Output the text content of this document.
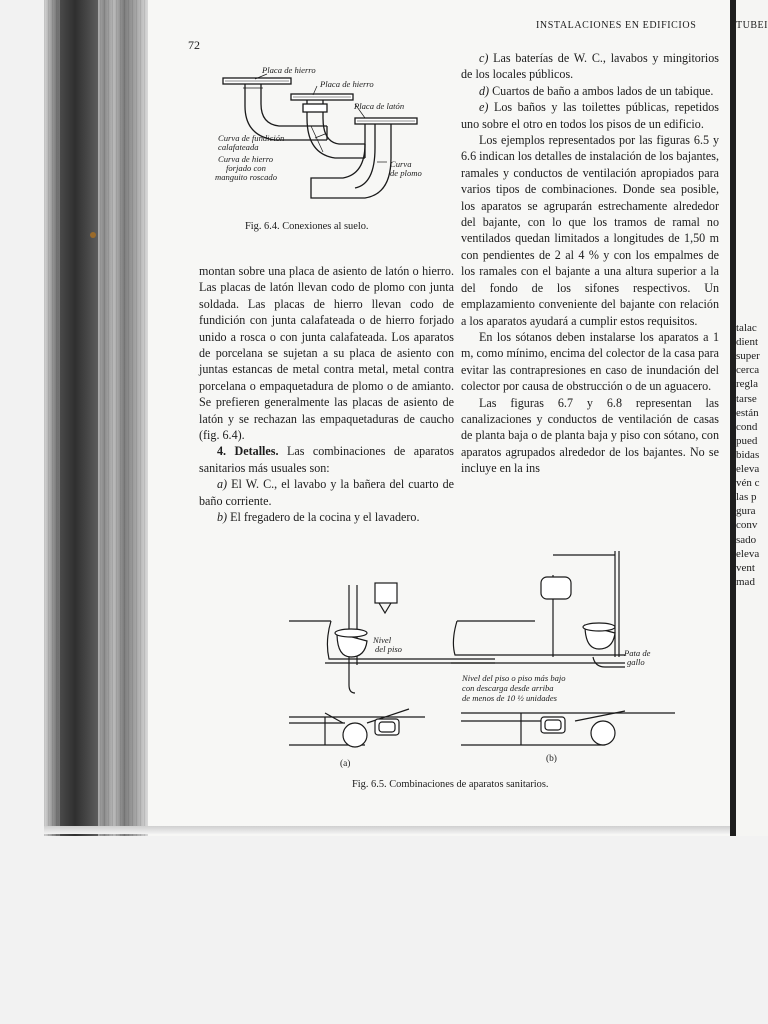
72
INSTALACIONES EN EDIFICIOS
Placa de hierro
Placa de hierro
Placa de latón
Curva de fundición
calafateada
Curva de hierro
forjado con
manguito roscado
Curva
de plomo
Fig. 6.4. Conexiones al suelo.

montan sobre una placa de asiento de latón o hierro. Las placas de latón llevan codo de plomo con junta soldada. Las placas de hierro llevan codo de fundición con junta calafateada o de hierro forjado unido a rosca o con junta calafateada. Los aparatos de porcelana se sujetan a su placa de asiento con juntas estancas de metal contra metal, metal contra porcelana o empaquetadura de plomo o de amianto. Se prefieren generalmente las placas de asiento de latón y se rechazan las empaquetaduras de caucho (fig. 6.4).

4. Detalles. Las combinaciones de aparatos sanitarios más usuales son:

a) El W. C., el lavabo y la bañera del cuarto de baño corriente.

b) El fregadero de la cocina y el lavadero.

c) Las baterías de W. C., lavabos y mingitorios de los locales públicos.

d) Cuartos de baño a ambos lados de un tabique.

e) Los baños y las toilettes públicas, repetidos uno sobre el otro en todos los pisos de un edificio.

Los ejemplos representados por las figuras 6.5 y 6.6 indican los detalles de instalación de los bajantes, ramales y conductos de ventilación apropiados para varios tipos de combinaciones. Donde sea posible, los aparatos se agruparán estrechamente alrededor del bajante, con lo que los tramos de ramal no ventilados quedan limitados a longitudes de 1,50 m con pendientes de 2 al 4 % y con los empalmes de los ramales con el bajante a una altura superior a la del fondo de los sifones respectivos. Un emplazamiento conveniente del bajante con relación a los aparatos ayudará a cumplir estos requisitos.

En los sótanos deben instalarse los aparatos a 1 m, como mínimo, encima del colector de la casa para evitar las contrapresiones en caso de inundación del colector por causa de obstrucción o de un aguacero.

Las figuras 6.7 y 6.8 representan las canalizaciones y conductos de ventilación de casas de planta baja o de planta baja y piso con sótano, con aparatos agrupados alrededor de los bajantes. No se incluye en la ins

Nivel
del piso	Pata de
gallo
Nivel del piso o piso más bajo
con descarga desde arriba
de menos de 10 ½ unidades
(a)	(b)
Fig. 6.5. Combinaciones de aparatos sanitarios.
TUBEI
talac
dient
super
cerca
regla
tarse
están
cond
pued
bidas
eleva
vén c
las p
gura
conv
sado
eleva
vent
mad
